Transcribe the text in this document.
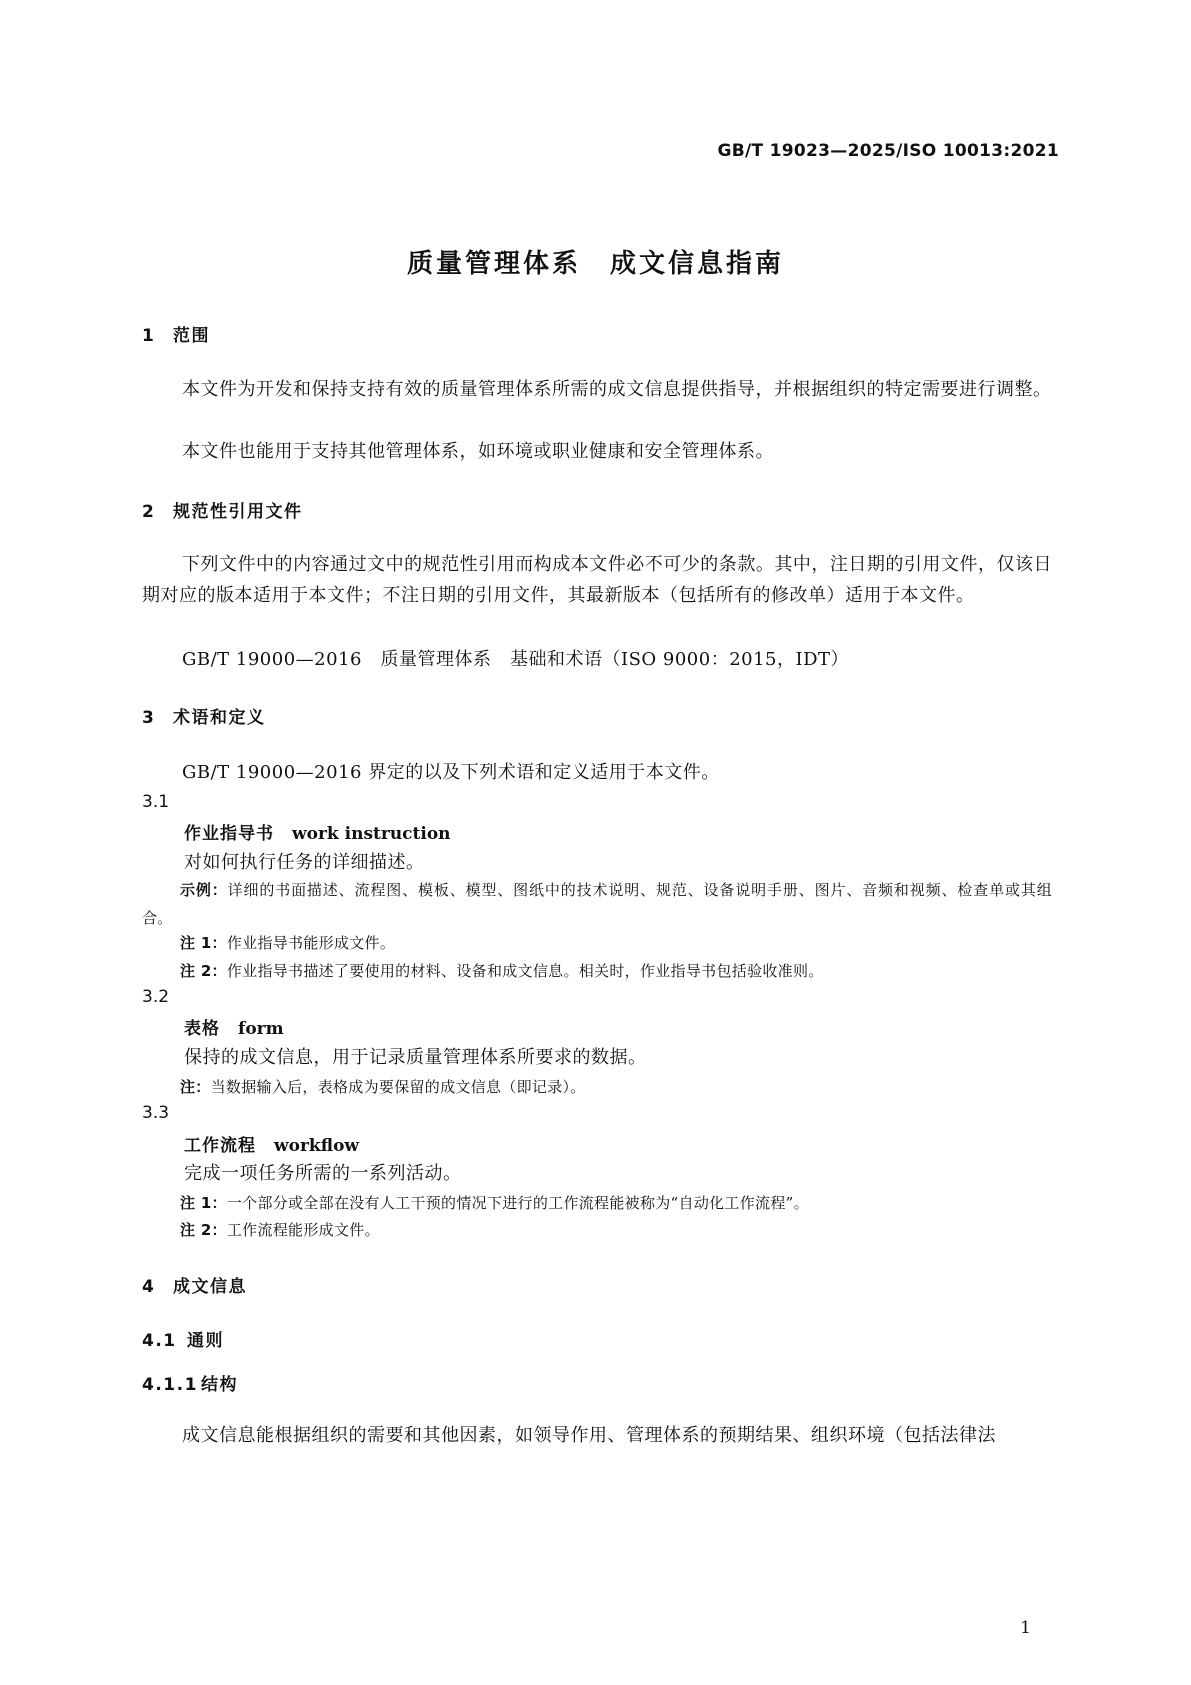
GB/T 19023—2025/ISO 10013:2021
质量管理体系　成文信息指南
1 范围
本文件为开发和保持支持有效的质量管理体系所需的成文信息提供指导，并根据组织的特定需要进行调整。
本文件也能用于支持其他管理体系，如环境或职业健康和安全管理体系。
2 规范性引用文件
下列文件中的内容通过文中的规范性引用而构成本文件必不可少的条款。其中，注日期的引用文件，仅该日期对应的版本适用于本文件；不注日期的引用文件，其最新版本（包括所有的修改单）适用于本文件。
GB/T 19000—2016　质量管理体系　基础和术语（ISO 9000：2015，IDT）
3 术语和定义
GB/T 19000—2016 界定的以及下列术语和定义适用于本文件。
3.1
作业指导书 work instruction
对如何执行任务的详细描述。
示例：详细的书面描述、流程图、模板、模型、图纸中的技术说明、规范、设备说明手册、图片、音频和视频、检查单或其组合。
注 1：作业指导书能形成文件。
注 2：作业指导书描述了要使用的材料、设备和成文信息。相关时，作业指导书包括验收准则。
3.2
表格 form
保持的成文信息，用于记录质量管理体系所要求的数据。
注：当数据输入后，表格成为要保留的成文信息（即记录）。
3.3
工作流程 workflow
完成一项任务所需的一系列活动。
注 1：一个部分或全部在没有人工干预的情况下进行的工作流程能被称为“自动化工作流程”。
注 2：工作流程能形成文件。
4 成文信息
4.1 通则
4.1.1 结构
成文信息能根据组织的需要和其他因素，如领导作用、管理体系的预期结果、组织环境（包括法律法
1
